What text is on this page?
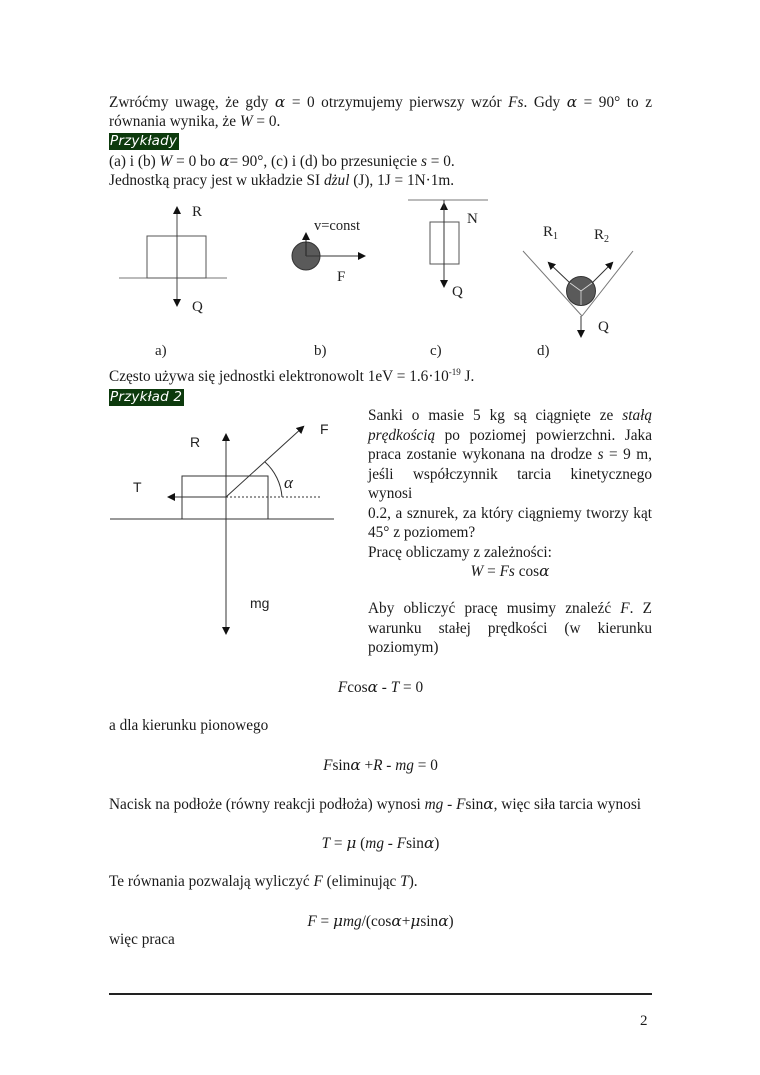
Zwróćmy uwagę, że gdy α = 0 otrzymujemy pierwszy wzór Fs. Gdy α = 90° to z
równania wynika, że W = 0.
Przykłady
(a) i (b) W = 0 bo α= 90°, (c) i (d) bo przesunięcie s = 0.
Jednostką pracy jest w układzie SI dżul (J), 1J = 1N·1m.
R
Q
a)
v=const
F
b)
N
Q
c)
$R_1$ $R_2$
Q
d)
Często używa się jednostki elektronowolt $1eV = 1.6\cdot 10^{-19}$ J.
Przykład 2
R
F
T	α
mg
Sanki o masie 5 kg są ciągnięte ze stałą
prędkością po poziomej powierzchni. Jaka
praca zostanie wykonana na drodze s = 9 m,
jeśli współczynnik tarcia kinetycznego wynosi
0.2, a sznurek, za który ciągniemy tworzy kąt
45° z poziomem?
Pracę obliczamy z zależności:
W = Fs cosα
Aby obliczyć pracę musimy znaleźć F. Z
warunku stałej prędkości (w kierunku
poziomym)
Fcosα - T = 0
a dla kierunku pionowego
Fsinα +R - mg = 0
Nacisk na podłoże (równy reakcji podłoża) wynosi mg - Fsinα, więc siła tarcia wynosi
T = μ (mg - Fsinα)
Te równania pozwalają wyliczyć F (eliminując T).
F = μmg/(cosα+μsinα)
więc praca
2
